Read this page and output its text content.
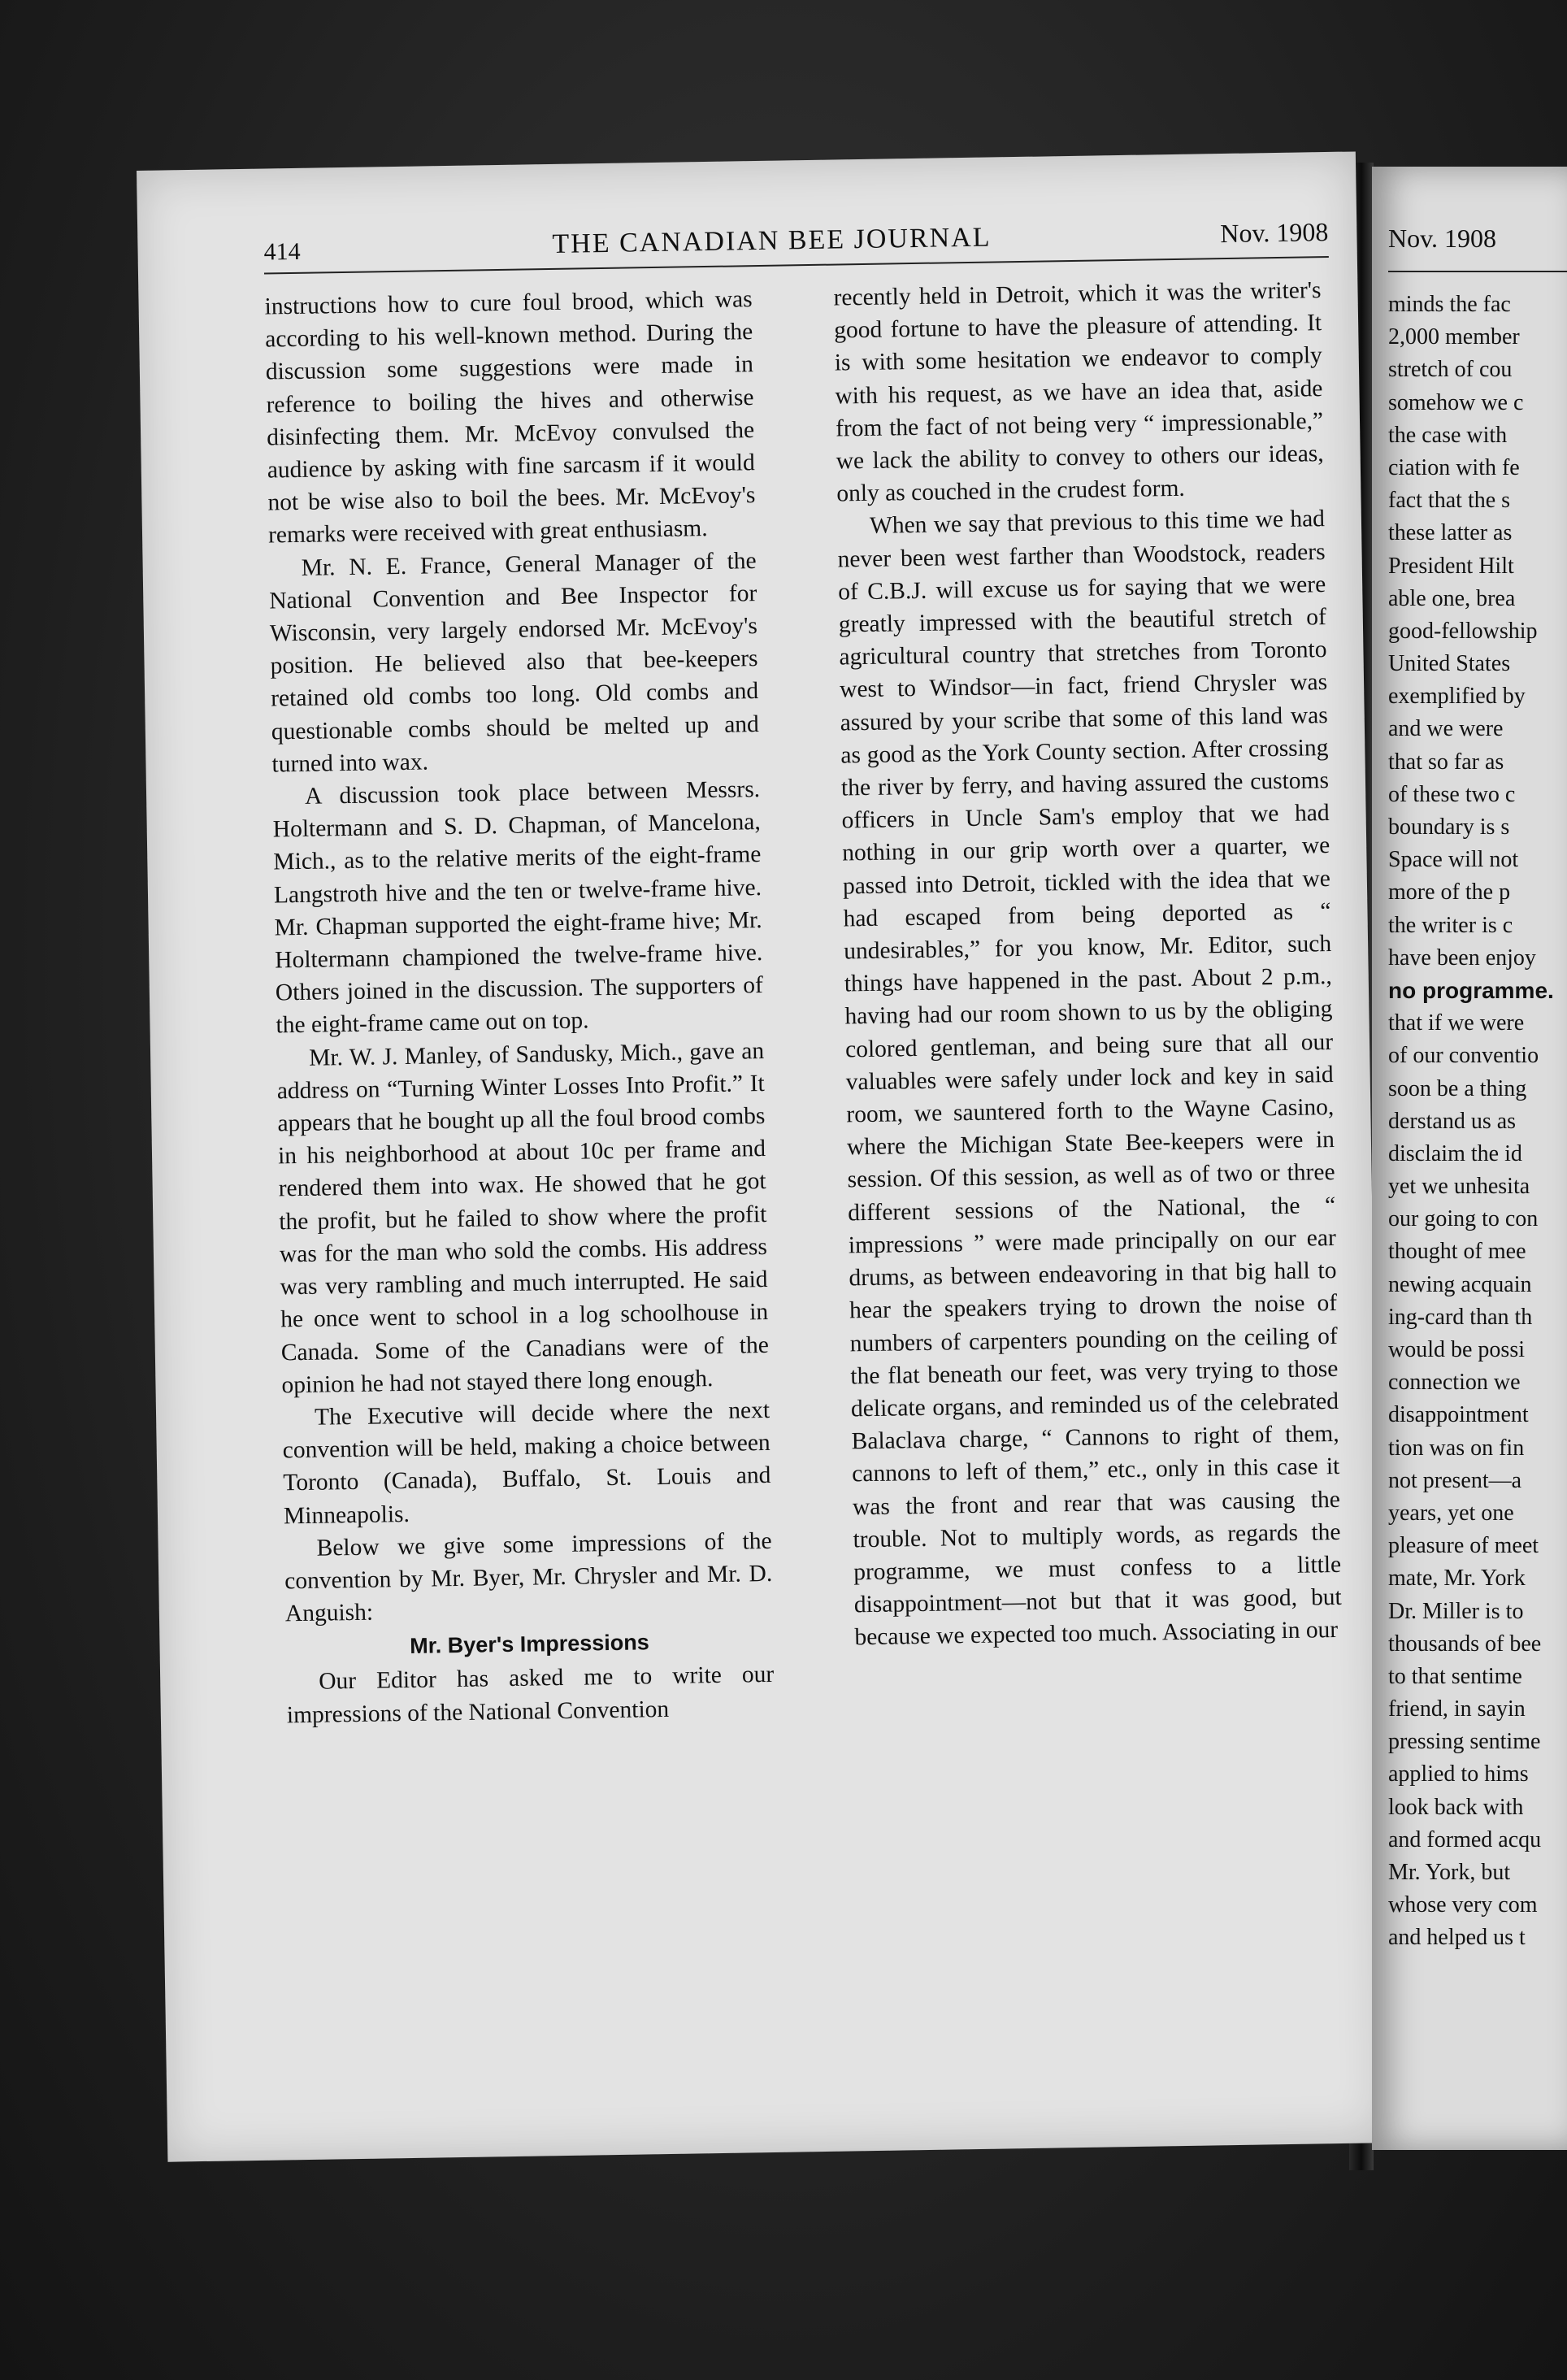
414	THE CANADIAN BEE JOURNAL	Nov. 1908

instructions how to cure foul brood, which was according to his well-known method. During the discussion some suggestions were made in reference to boiling the hives and otherwise disinfecting them. Mr. McEvoy convulsed the audience by asking with fine sarcasm if it would not be wise also to boil the bees. Mr. McEvoy's remarks were received with great enthusiasm.

Mr. N. E. France, General Manager of the National Convention and Bee Inspector for Wisconsin, very largely endorsed Mr. McEvoy's position. He believed also that bee-keepers retained old combs too long. Old combs and questionable combs should be melted up and turned into wax.

A discussion took place between Messrs. Holtermann and S. D. Chapman, of Mancelona, Mich., as to the relative merits of the eight-frame Langstroth hive and the ten or twelve-frame hive. Mr. Chapman supported the eight-frame hive; Mr. Holtermann championed the twelve-frame hive. Others joined in the discussion. The supporters of the eight-frame came out on top.

Mr. W. J. Manley, of Sandusky, Mich., gave an address on “Turning Winter Losses Into Profit.” It appears that he bought up all the foul brood combs in his neighborhood at about 10c per frame and rendered them into wax. He showed that he got the profit, but he failed to show where the profit was for the man who sold the combs. His address was very rambling and much interrupted. He said he once went to school in a log schoolhouse in Canada. Some of the Canadians were of the opinion he had not stayed there long enough.

The Executive will decide where the next convention will be held, making a choice between Toronto (Canada), Buffalo, St. Louis and Minneapolis.

Below we give some impressions of the convention by Mr. Byer, Mr. Chrysler and Mr. D. Anguish:

Mr. Byer's Impressions

Our Editor has asked me to write our impressions of the National Convention

recently held in Detroit, which it was the writer's good fortune to have the pleasure of attending. It is with some hesitation we endeavor to comply with his request, as we have an idea that, aside from the fact of not being very “ impressionable,” we lack the ability to convey to others our ideas, only as couched in the crudest form.

When we say that previous to this time we had never been west farther than Woodstock, readers of C.B.J. will excuse us for saying that we were greatly impressed with the beautiful stretch of agricultural country that stretches from Toronto west to Windsor—in fact, friend Chrysler was assured by your scribe that some of this land was as good as the York County section. After crossing the river by ferry, and having assured the customs officers in Uncle Sam's employ that we had nothing in our grip worth over a quarter, we passed into Detroit, tickled with the idea that we had escaped from being deported as “ undesirables,” for you know, Mr. Editor, such things have happened in the past. About 2 p.m., having had our room shown to us by the obliging colored gentleman, and being sure that all our valuables were safely under lock and key in said room, we sauntered forth to the Wayne Casino, where the Michigan State Bee-keepers were in session. Of this session, as well as of two or three different sessions of the National, the “ impressions ” were made principally on our ear drums, as between endeavoring in that big hall to hear the speakers trying to drown the noise of numbers of carpenters pounding on the ceiling of the flat beneath our feet, was very trying to those delicate organs, and reminded us of the celebrated Balaclava charge, “ Cannons to right of them, cannons to left of them,” etc., only in this case it was the front and rear that was causing the trouble. Not to multiply words, as regards the programme, we must confess to a little disappointment—not but that it was good, but because we expected too much. Associating in our

Nov. 1908
minds the fac
2,000 member
stretch of cou
somehow we c
the case with
ciation with fe
fact that the s
these latter as
President Hilt
able one, brea
good-fellowship
United States
exemplified by
and we were
that so far as
of these two c
boundary is s
Space will not
more of the p
the writer is c
have been enjoy
no programme.
that if we were
of our conventio
soon be a thing
derstand us as
disclaim the id
yet we unhesita
our going to con
thought of mee
newing acquain
ing-card than th
would be possi
connection we
disappointment
tion was on fin
not present—a
years, yet one
pleasure of meet
mate, Mr. York
Dr. Miller is to
thousands of bee
to that sentime
friend, in sayin
pressing sentime
applied to hims
look back with
and formed acqu
Mr. York, but
whose very com
and helped us t
